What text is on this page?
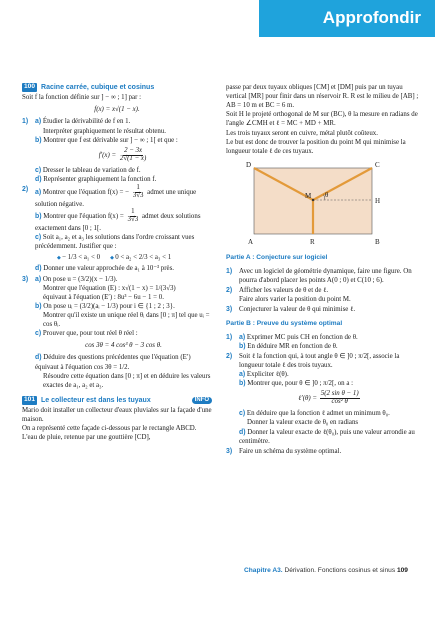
Approfondir
100 Racine carrée, cubique et cosinus

Soit f la fonction définie sur ] − ∞ ; 1] par :

f(x) = x√(1 − x).
1) a) Étudier la dérivabilité de f en 1.
Interpréter graphiquement le résultat obtenu.
b) Montrer que f est dérivable sur ] − ∞ ; 1[ et que :
$f'(x) = \frac{2 - 3x}{2√(1 - x)}$
c) Dresser le tableau de variation de f.
d) Représenter graphiquement la fonction f.
2) a) Montrer que l'équation f(x) = − $\frac{1}{3√3}$ admet une unique solution négative.
b) Montrer que l'équation $f(x) = \frac{1}{3√3}$ admet deux solutions exactement dans [0 ; 1[.
c) Soit a₁, a₂ et a₃ les solutions dans l'ordre croissant vues précédemment. Justifier que :
◆ − 1/3 < a₁ < 0
◆	0 < a₂ < 2/3 < a₃ < 1
d) Donner une valeur approchée de a₁ à 10⁻³ près.
3) a) On pose u = (3/2)(x − 1/3).
Montrer que l'équation (E) : x√(1 − x) = 1/(3√3)
équivaut à l'équation (E′) : 8u³ − 6u − 1 = 0.
b) On pose uᵢ = (3/2)(aᵢ − 1/3) pour i ∈ {1 ; 2 ; 3}.
Montrer qu'il existe un unique réel θᵢ dans [0 ; π] tel que uᵢ = cos θᵢ.
c) Prouver que, pour tout réel θ réel :
cos 3θ = 4 cos³ θ − 3 cos θ.
d) Déduire des questions précédentes que l'équation (E′) équivaut à l'équation cos 3θ = 1/2.
Résoudre cette équation dans [0 ; π] et en déduire les valeurs exactes de a₁, a₂ et a₃.
101 Le collecteur est dans les tuyaux	INFO

Mario doit installer un collecteur d'eaux pluviales sur la façade d'une maison.

On a représenté cette façade ci-dessous par le rectangle ABCD. L'eau de pluie, retenue par une gouttière [CD],

passe par deux tuyaux obliques [CM] et [DM] puis par un tuyau vertical [MR] pour finir dans un réservoir R. R est le milieu de [AB] ; AB = 10 m et BC = 6 m.

Soit H le projeté orthogonal de M sur (BC), θ la mesure en radians de l'angle ∠CMH et ℓ = MC + MD + MR.

Les trois tuyaux seront en cuivre, métal plutôt coûteux.

Le but est donc de trouver la position du point M qui minimise la longueur totale ℓ de ces tuyaux.

D	C
M θ
H
A	R	B
Partie A : Conjecture sur logiciel
1) Avec un logiciel de géométrie dynamique, faire une figure. On pourra d'abord placer les points A(0 ; 0) et C(10 ; 6).
2) Afficher les valeurs de θ et de ℓ.
Faire alors varier la position du point M.
3) Conjecturer la valeur de θ qui minimise ℓ.
Partie B : Preuve du système optimal
1) a) Exprimer MC puis CH en fonction de θ.
b) En déduire MR en fonction de θ.
2) Soit ℓ la fonction qui, à tout angle θ ∈ ]0 ; π/2[, associe la longueur totale ℓ des trois tuyaux.
a) Expliciter ℓ(θ).
b) Montrer que, pour θ ∈ ]0 ; π/2[, on a :
ℓ′(θ) = $\frac{\text{5(2 sin θ − 1)}}{\text{cos² θ}}$
c) En déduire que la fonction ℓ admet un minimum θ₀.
Donner la valeur exacte de θ₀ en radians
d) Donner la valeur exacte de ℓ(θ₀), puis une valeur arrondie au centimètre.
3) Faire un schéma du système optimal.
Chapitre A3. Dérivation. Fonctions cosinus et sinus 109
